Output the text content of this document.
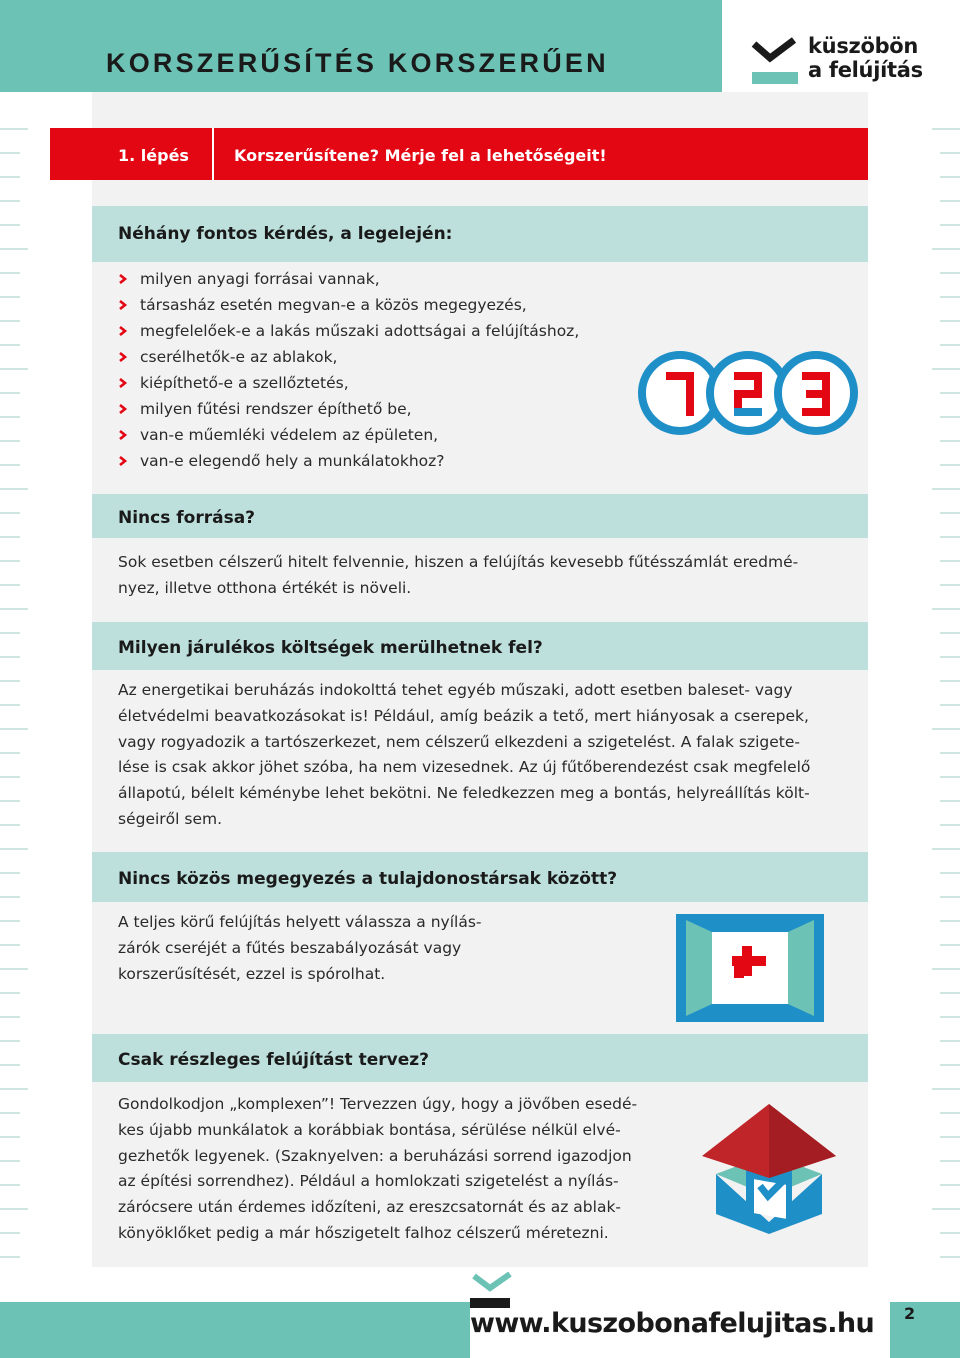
KORSZERŰSÍTÉS KORSZERŰEN
küszöbön
a felújítás
1. lépés	Korszerűsítene? Mérje fel a lehetőségeit!
Néhány fontos kérdés, a legelején:
milyen anyagi forrásai vannak,
társasház esetén megvan-e a közös megegyezés,
megfelelőek-e a lakás műszaki adottságai a felújításhoz,
cserélhetők-e az ablakok,
kiépíthető-e a szellőztetés,
milyen fűtési rendszer építhető be,
van-e műemléki védelem az épületen,
van-e elegendő hely a munkálatokhoz?
Nincs forrása?
Sok esetben célszerű hitelt felvennie, hiszen a felújítás kevesebb fűtésszámlát eredmé-
nyez, illetve otthona értékét is növeli.
Milyen járulékos költségek merülhetnek fel?
Az energetikai beruházás indokolttá tehet egyéb műszaki, adott esetben baleset- vagy
életvédelmi beavatkozásokat is! Például, amíg beázik a tető, mert hiányosak a cserepek,
vagy rogyadozik a tartószerkezet, nem célszerű elkezdeni a szigetelést. A falak szigete-
lése is csak akkor jöhet szóba, ha nem vizesednek. Az új fűtőberendezést csak megfelelő
állapotú, bélelt kéménybe lehet bekötni. Ne feledkezzen meg a bontás, helyreállítás költ-
ségeiről sem.
Nincs közös megegyezés a tulajdonostársak között?
A teljes körű felújítás helyett válassza a nyílás-
zárók cseréjét a fűtés beszabályozását vagy
korszerűsítését, ezzel is spórolhat.
Csak részleges felújítást tervez?
Gondolkodjon „komplexen”! Tervezzen úgy, hogy a jövőben esedé-
kes újabb munkálatok a korábbiak bontása, sérülése nélkül elvé-
gezhetők legyenek. (Szaknyelven: a beruházási sorrend igazodjon
az építési sorrendhez). Például a homlokzati szigetelést a nyílás-
zárócsere után érdemes időzíteni, az ereszcsatornát és az ablak-
könyöklőket pedig a már hőszigetelt falhoz célszerű méretezni.
2
www.kuszobonafelujitas.hu
